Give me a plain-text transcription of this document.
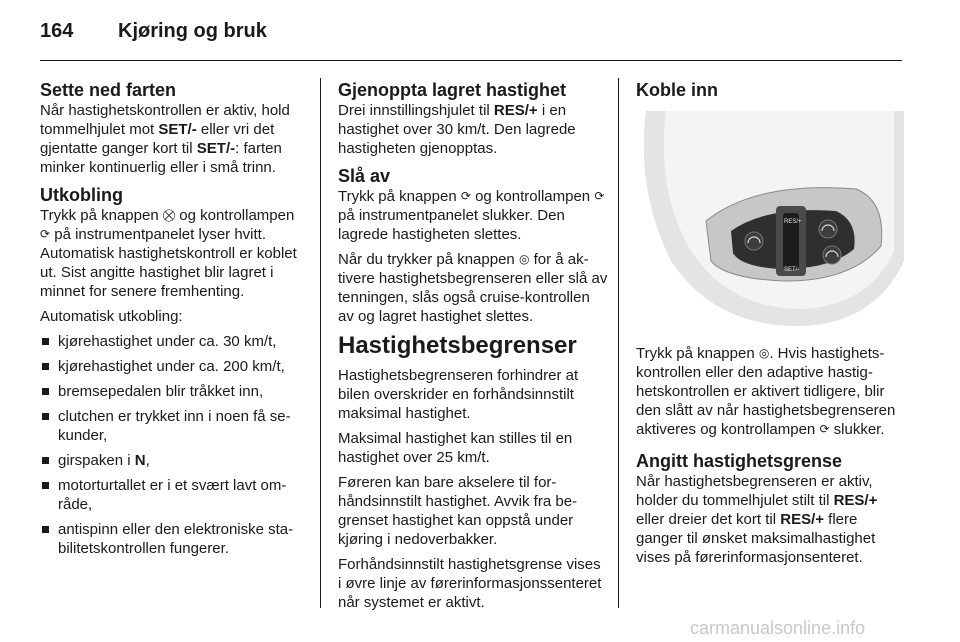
164 Kjøring og bruk
Sette ned farten

Når hastighetskontrollen er aktiv, hold tommelhjulet mot SET/- eller vri det gjentatte ganger kort til SET/-: farten minker kontinuerlig eller i små trinn.

Utkobling

Trykk på knappen ⛒ og kontrollampen ⟳ på instrumentpanelet lyser hvitt. Automatisk hastighetskontroll er koblet ut. Sist angitte hastighet blir lagret i minnet for senere fremhenting.

Automatisk utkobling:

kjørehastighet under ca. 30 km/t,
kjørehastighet under ca. 200 km/t,
bremsepedalen blir tråkket inn,
clutchen er trykket inn i noen få sekunder,
girspaken i N,
motorturtallet er i et svært lavt område,
antispinn eller den elektroniske stabilitetskontrollen fungerer.
Gjenoppta lagret hastighet

Drei innstillingshjulet til RES/+ i en hastighet over 30 km/t. Den lagrede hastigheten gjenopptas.

Slå av

Trykk på knappen ⟳ og kontrollampen ⟳ på instrumentpanelet slukker. Den lagrede hastigheten slettes.

Når du trykker på knappen ◎ for å aktivere hastighetsbegrenseren eller slå av tenningen, slås også cruise-kontrollen av og lagret hastighet slettes.

Hastighetsbegrenser

Hastighetsbegrenseren forhindrer at bilen overskrider en forhåndsinnstilt maksimal hastighet.

Maksimal hastighet kan stilles til en hastighet over 25 km/t.

Føreren kan bare akselere til forhåndsinnstilt hastighet. Avvik fra begrenset hastighet kan oppstå under kjøring i nedoverbakker.

Forhåndsinnstilt hastighetsgrense vises i øvre linje av førerinformasjonssenteret når systemet er aktivt.

Koble inn
RES/+
SET/-

Trykk på knappen ◎. Hvis hastighetskontrollen eller den adaptive hastighetskontrollen er aktivert tidligere, blir den slått av når hastighetsbegrenseren aktiveres og kontrollampen ⟳ slukker.

Angitt hastighetsgrense

Når hastighetsbegrenseren er aktiv, holder du tommelhjulet stilt til RES/+ eller dreier det kort til RES/+ flere ganger til ønsket maksimalhastighet vises på førerinformasjonsenteret.

carmanualsonline.info
